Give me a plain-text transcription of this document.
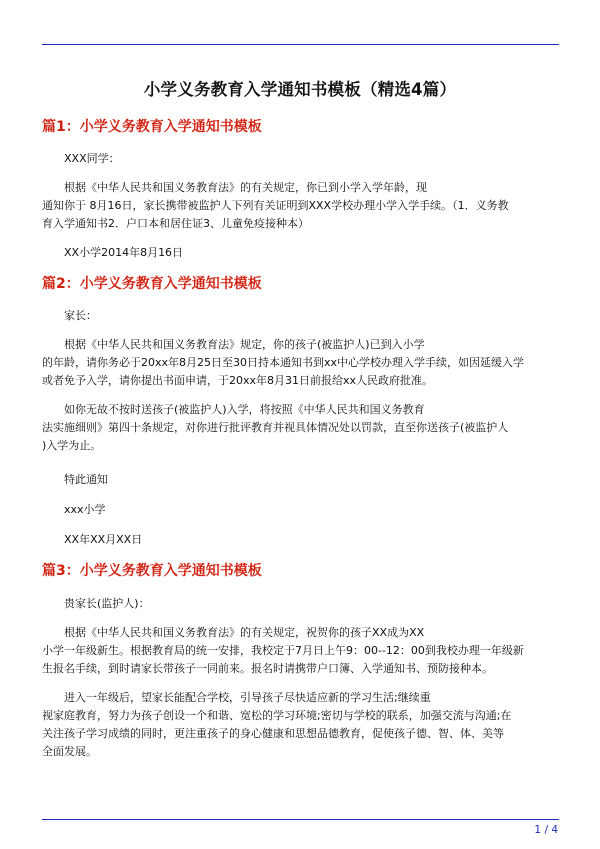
小学义务教育入学通知书模板（精选4篇）
篇1：小学义务教育入学通知书模板
XXX同学：
根据《中华人民共和国义务教育法》的有关规定，你已到小学入学年龄，现
通知你于 8月16日，家长携带被监护人下列有关证明到XXX学校办理小学入学手续。（1．义务教
育入学通知书2．户口本和居住证3、儿童免疫接种本）
XX小学2014年8月16日
篇2：小学义务教育入学通知书模板
家长：
根据《中华人民共和国义务教育法》规定，你的孩子(被监护人)已到入小学
的年龄，请你务必于20xx年8月25日至30日持本通知书到xx中心学校办理入学手续，如因延缓入学
或者免予入学，请你提出书面申请，于20xx年8月31日前报给xx人民政府批准。
如你无故不按时送孩子(被监护人)入学，将按照《中华人民共和国义务教育
法实施细则》第四十条规定，对你进行批评教育并视具体情况处以罚款，直至你送孩子(被监护人
)入学为止。
特此通知
xxx小学
XX年XX月XX日
篇3：小学义务教育入学通知书模板
贵家长(监护人)：
根据《中华人民共和国义务教育法》的有关规定，祝贺你的孩子XX成为XX
小学一年级新生。根据教育局的统一安排，我校定于7月日上午9：00--12：00到我校办理一年级新
生报名手续，到时请家长带孩子一同前来。报名时请携带户口簿、入学通知书、预防接种本。
进入一年级后，望家长能配合学校，引导孩子尽快适应新的学习生活;继续重
视家庭教育，努力为孩子创设一个和谐、宽松的学习环境;密切与学校的联系，加强交流与沟通;在
关注孩子学习成绩的同时，更注重孩子的身心健康和思想品德教育，促使孩子德、智、体、美等
全面发展。
1 / 4
